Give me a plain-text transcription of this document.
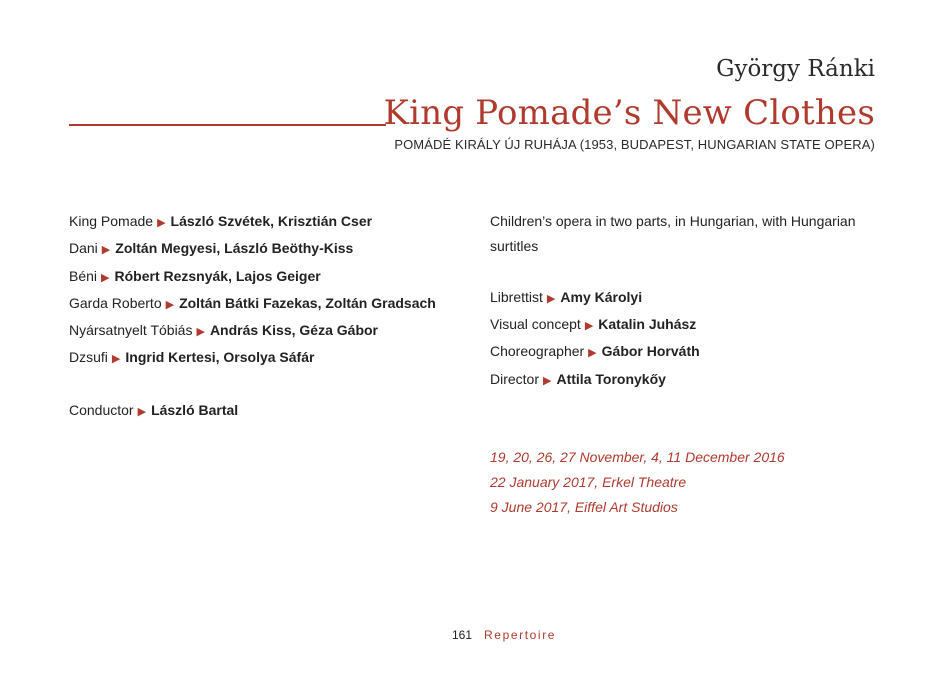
György Ránki
King Pomade’s New Clothes
POMÁDÉ KIRÁLY ÚJ RUHÁJA (1953, BUDAPEST, HUNGARIAN STATE OPERA)
King Pomade ▶ László Szvétek, Krisztián Cser
Dani ▶ Zoltán Megyesi, László Beöthy-Kiss
Béni ▶ Róbert Rezsnyák, Lajos Geiger
Garda Roberto ▶ Zoltán Bátki Fazekas, Zoltán Gradsach
Nyársatnyelt Tóbiás ▶ András Kiss, Géza Gábor
Dzsufi ▶ Ingrid Kertesi, Orsolya Sáfár
Conductor ▶ László Bartal
Children’s opera in two parts, in Hungarian, with Hungarian surtitles
Librettist ▶ Amy Károlyi
Visual concept ▶ Katalin Juhász
Choreographer ▶ Gábor Horváth
Director ▶ Attila Toronykőy
19, 20, 26, 27 November, 4, 11 December 2016
22 January 2017, Erkel Theatre
9 June 2017, Eiffel Art Studios
161 Repertoire
